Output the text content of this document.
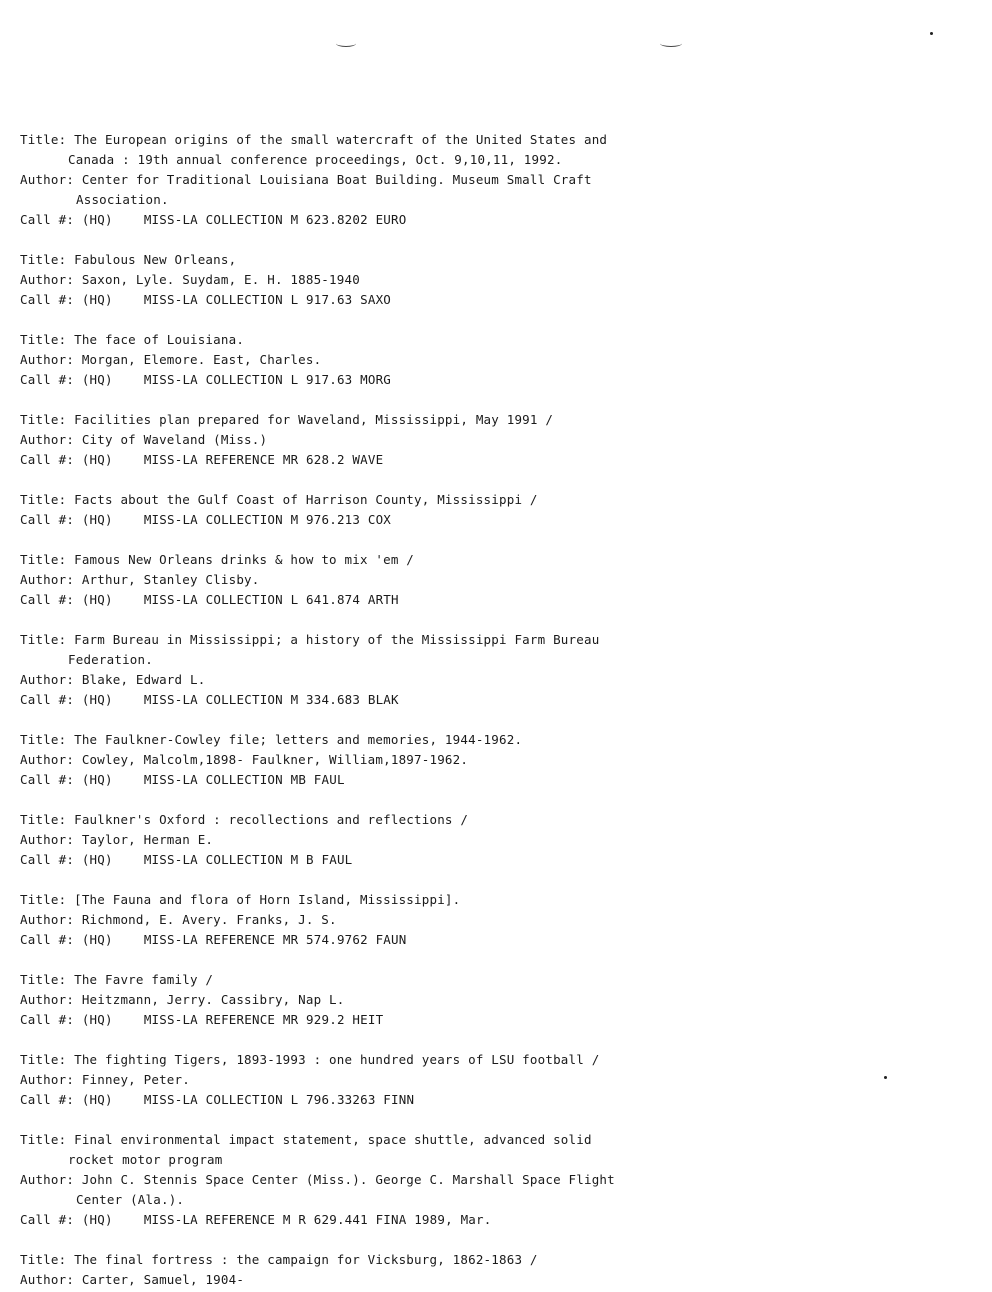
Title: The European origins of the small watercraft of the United States and
Canada : 19th annual conference proceedings, Oct. 9,10,11, 1992.
Author: Center for Traditional Louisiana Boat Building. Museum Small Craft
Association.
Call #: (HQ) MISS-LA COLLECTION M 623.8202 EURO
Title: Fabulous New Orleans,
Author: Saxon, Lyle. Suydam, E. H. 1885-1940
Call #: (HQ) MISS-LA COLLECTION L 917.63 SAXO
Title: The face of Louisiana.
Author: Morgan, Elemore. East, Charles.
Call #: (HQ) MISS-LA COLLECTION L 917.63 MORG
Title: Facilities plan prepared for Waveland, Mississippi, May 1991 /
Author: City of Waveland (Miss.)
Call #: (HQ) MISS-LA REFERENCE MR 628.2 WAVE
Title: Facts about the Gulf Coast of Harrison County, Mississippi /
Call #: (HQ) MISS-LA COLLECTION M 976.213 COX
Title: Famous New Orleans drinks & how to mix 'em /
Author: Arthur, Stanley Clisby.
Call #: (HQ) MISS-LA COLLECTION L 641.874 ARTH
Title: Farm Bureau in Mississippi; a history of the Mississippi Farm Bureau
Federation.
Author: Blake, Edward L.
Call #: (HQ) MISS-LA COLLECTION M 334.683 BLAK
Title: The Faulkner-Cowley file; letters and memories, 1944-1962.
Author: Cowley, Malcolm,1898- Faulkner, William,1897-1962.
Call #: (HQ) MISS-LA COLLECTION MB FAUL
Title: Faulkner's Oxford : recollections and reflections /
Author: Taylor, Herman E.
Call #: (HQ) MISS-LA COLLECTION M B FAUL
Title: [The Fauna and flora of Horn Island, Mississippi].
Author: Richmond, E. Avery. Franks, J. S.
Call #: (HQ) MISS-LA REFERENCE MR 574.9762 FAUN
Title: The Favre family /
Author: Heitzmann, Jerry. Cassibry, Nap L.
Call #: (HQ) MISS-LA REFERENCE MR 929.2 HEIT
Title: The fighting Tigers, 1893-1993 : one hundred years of LSU football /
Author: Finney, Peter.
Call #: (HQ) MISS-LA COLLECTION L 796.33263 FINN
Title: Final environmental impact statement, space shuttle, advanced solid
rocket motor program
Author: John C. Stennis Space Center (Miss.). George C. Marshall Space Flight
Center (Ala.).
Call #: (HQ) MISS-LA REFERENCE M R 629.441 FINA 1989, Mar.
Title: The final fortress : the campaign for Vicksburg, 1862-1863 /
Author: Carter, Samuel, 1904-
